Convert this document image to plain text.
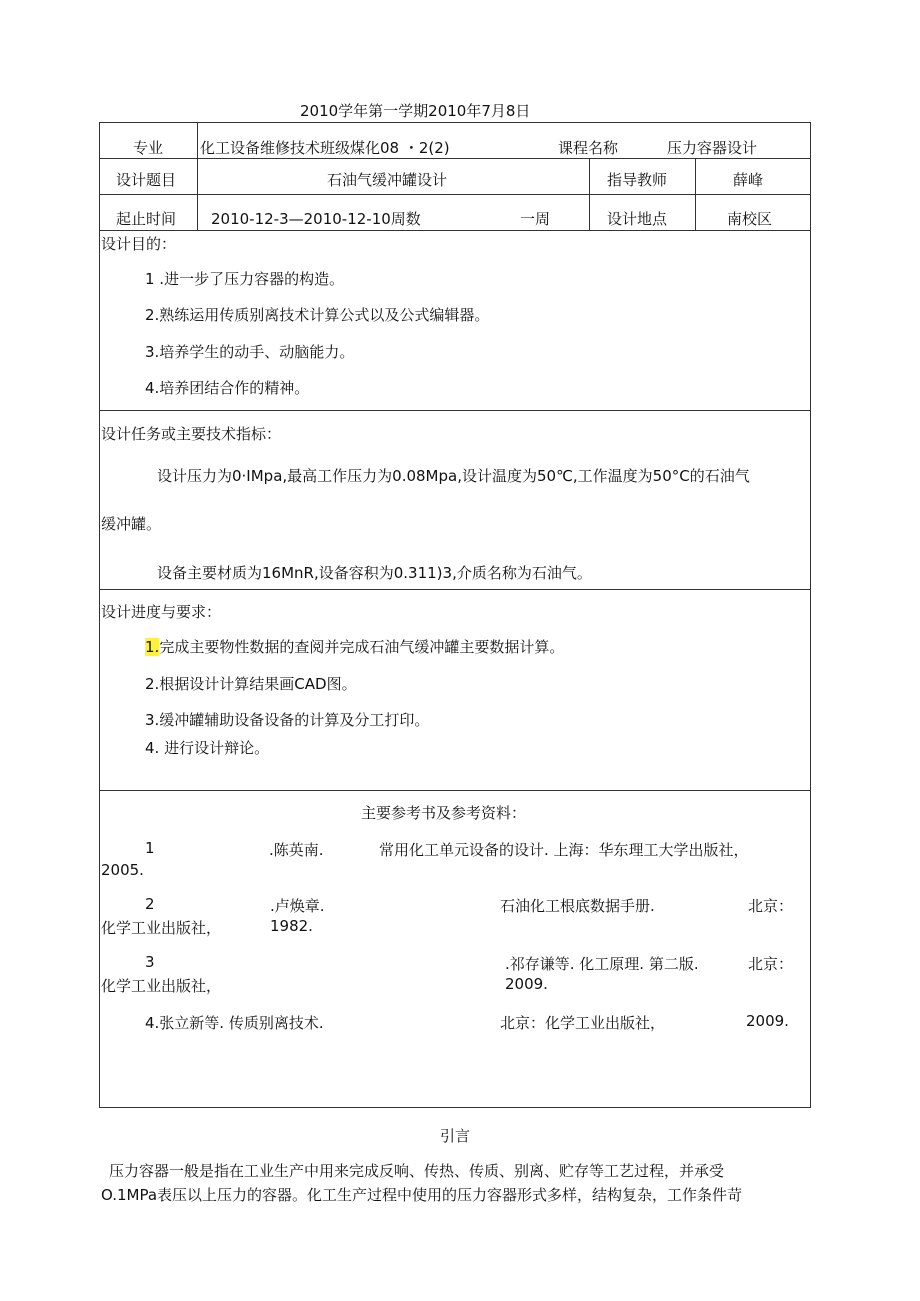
2010学年第一学期2010年7月8日
专业 化工设备维修技术班级煤化08 ・2(2)	课程名称	压力容器设计
设计题目	石油气缓冲罐设计	指导教师	薛峰
起止时间 2010-12-3—2010-12-10周数	一周	设计地点	南校区
设计目的：
1 .进一步了压力容器的构造。
2.熟练运用传质别离技术计算公式以及公式编辑器。
3.培养学生的动手、动脑能力。
4.培养团结合作的精神。
设计任务或主要技术指标：
设计压力为0·IMpa,最高工作压力为0.08Mpa,设计温度为50℃,工作温度为50°C的石油气
缓冲罐。
设备主要材质为16MnR,设备容积为0.311)3,介质名称为石油气。
设计进度与要求：
1.完成主要物性数据的查阅并完成石油气缓冲罐主要数据计算。
2.根据设计计算结果画CAD图。
3.缓冲罐辅助设备设备的计算及分工打印。
4. 进行设计辩论。
主要参考书及参考资料：
1	.陈英南.	常用化工单元设备的设计. 上海：华东理工大学出版社，
2005.
2	.卢焕章.	石油化工根底数据手册.	北京：
化学工业出版社，	1982.
3	.祁存谦等. 化工原理. 第二版.	北京：
化学工业出版社，	2009.
4.张立新等. 传质别离技术.	北京：化学工业出版社，	2009.
引言
压力容器一般是指在工业生产中用来完成反响、传热、传质、别离、贮存等工艺过程，并承受
O.1MPa表压以上压力的容器。化工生产过程中使用的压力容器形式多样，结构复杂，工作条件苛
